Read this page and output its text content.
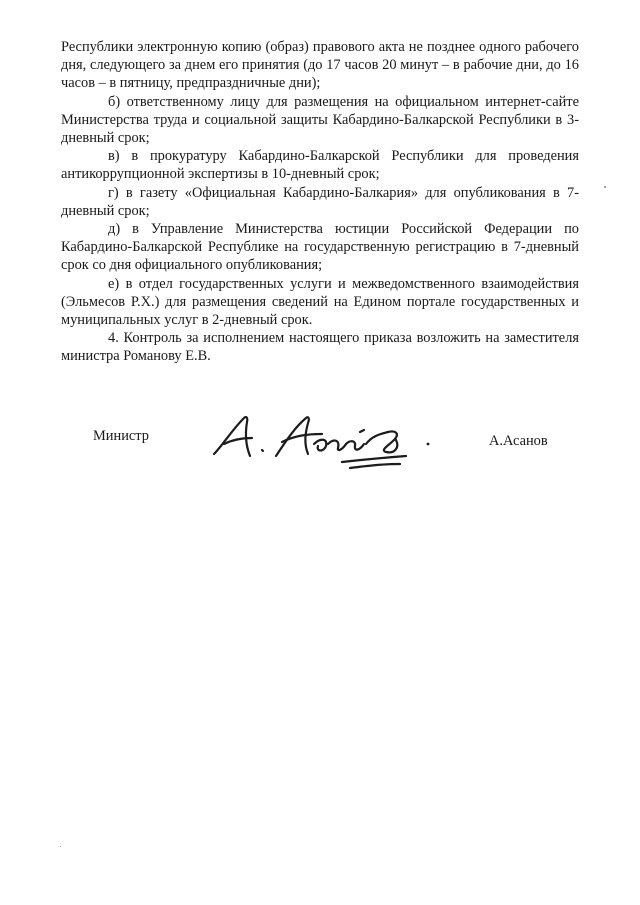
Республики электронную копию (образ) правового акта не позднее одного рабочего дня, следующего за днем его принятия (до 17 часов 20 минут – в рабочие дни, до 16 часов – в пятницу, предпраздничные дни);

б) ответственному лицу для размещения на официальном интернет-сайте Министерства труда и социальной защиты Кабардино-Балкарской Республики в 3-дневный срок;

в) в прокуратуру Кабардино-Балкарской Республики для проведения антикоррупционной экспертизы в 10-дневный срок;

г) в газету «Официальная Кабардино-Балкария» для опубликования в 7-дневный срок;

д) в Управление Министерства юстиции Российской Федерации по Кабардино-Балкарской Республике на государственную регистрацию в 7-дневный срок со дня официального опубликования;

е) в отдел государственных услуги и межведомственного взаимодействия (Эльмесов Р.Х.) для размещения сведений на Едином портале государственных и муниципальных услуг в 2-дневный срок.

4. Контроль за исполнением настоящего приказа возложить на заместителя министра Романову Е.В.

Министр	А.Асанов
